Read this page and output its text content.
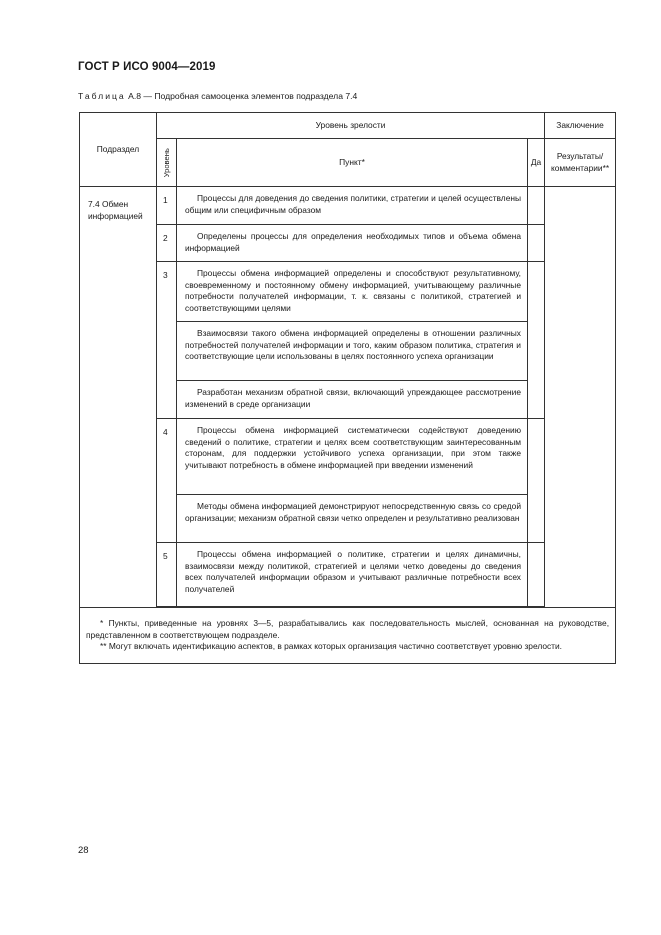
ГОСТ Р ИСО 9004—2019
Таблица А.8 — Подробная самооценка элементов подраздела 7.4
Подраздел	Уровень зрелости			Заключение

	Уровень	Пункт*	Да	Результаты/ комментарии**
7.4 Обмен информацией	1	Процессы для доведения до сведения политики, стратегии и целей осуществлены общим или специфичным образом		
	2	Определены процессы для определения необходимых типов и объема обмена информацией		
	3	Процессы обмена информацией определены и способствуют результативному, своевременному и постоянному обмену информацией, учитывающему различные потребности получателей информации, т. к. связаны с политикой, стратегией и соответствующими целями		
		Взаимосвязи такого обмена информацией определены в отношении различных потребностей получателей информации и того, каким образом политика, стратегия и соответствующие цели использованы в целях постоянного успеха организации		
		Разработан механизм обратной связи, включающий упреждающее рассмотрение изменений в среде организации		
	4	Процессы обмена информацией систематически содействуют доведению сведений о политике, стратегии и целях всем соответствующим заинтересованным сторонам, для поддержки устойчивого успеха организации, при этом также учитывают потребность в обмене информацией при введении изменений		
		Методы обмена информацией демонстрируют непосредственную связь со средой организации; механизм обратной связи четко определен и результативно реализован		
	5	Процессы обмена информацией о политике, стратегии и целях динамичны, взаимосвязи между политикой, стратегией и целями четко доведены до сведения всех получателей информации образом и учитывают различные потребности всех получателей		

* Пункты, приведенные на уровнях 3—5, разрабатывались как последовательность мыслей, основанная на руководстве, представленном в соответствующем подразделе.

** Могут включать идентификацию аспектов, в рамках которых организация частично соответствует уровню зрелости.				

28
